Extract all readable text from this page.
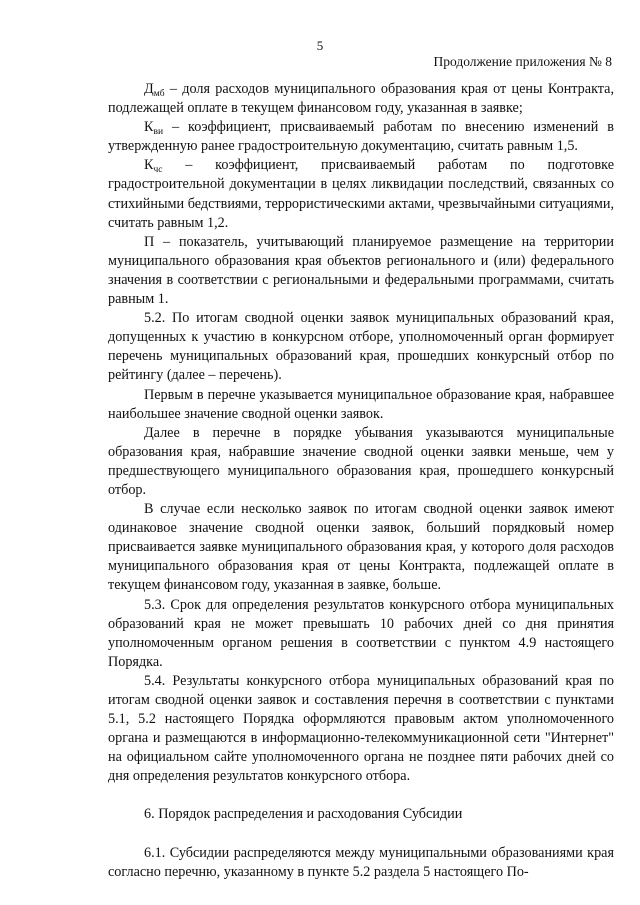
5
Продолжение приложения № 8

$Д_{мб}$ – доля расходов муниципального образования края от цены Контракта, подлежащей оплате в текущем финансовом году, указанная в заявке;

$К_{ви}$ – коэффициент, присваиваемый работам по внесению изменений в утвержденную ранее градостроительную документацию, считать равным 1,5.

$К_{чс}$ – коэффициент, присваиваемый работам по подготовке градостроительной документации в целях ликвидации последствий, связанных со стихийными бедствиями, террористическими актами, чрезвычайными ситуациями, считать равным 1,2.

П – показатель, учитывающий планируемое размещение на территории муниципального образования края объектов регионального и (или) федерального значения в соответствии с региональными и федеральными программами, считать равным 1.

5.2. По итогам сводной оценки заявок муниципальных образований края, допущенных к участию в конкурсном отборе, уполномоченный орган формирует перечень муниципальных образований края, прошедших конкурсный отбор по рейтингу (далее – перечень).

Первым в перечне указывается муниципальное образование края, набравшее наибольшее значение сводной оценки заявок.

Далее в перечне в порядке убывания указываются муниципальные образования края, набравшие значение сводной оценки заявки меньше, чем у предшествующего муниципального образования края, прошедшего конкурсный отбор.

В случае если несколько заявок по итогам сводной оценки заявок имеют одинаковое значение сводной оценки заявок, больший порядковый номер присваивается заявке муниципального образования края, у которого доля расходов муниципального образования края от цены Контракта, подлежащей оплате в текущем финансовом году, указанная в заявке, больше.

5.3. Срок для определения результатов конкурсного отбора муниципальных образований края не может превышать 10 рабочих дней со дня принятия уполномоченным органом решения в соответствии с пунктом 4.9 настоящего Порядка.

5.4. Результаты конкурсного отбора муниципальных образований края по итогам сводной оценки заявок и составления перечня в соответствии с пунктами 5.1, 5.2 настоящего Порядка оформляются правовым актом уполномоченного органа и размещаются в информационно-телекоммуникационной сети "Интернет" на официальном сайте уполномоченного органа не позднее пяти рабочих дней со дня определения результатов конкурсного отбора.

6. Порядок распределения и расходования Субсидии

6.1. Субсидии распределяются между муниципальными образованиями края согласно перечню, указанному в пункте 5.2 раздела 5 настоящего По-
